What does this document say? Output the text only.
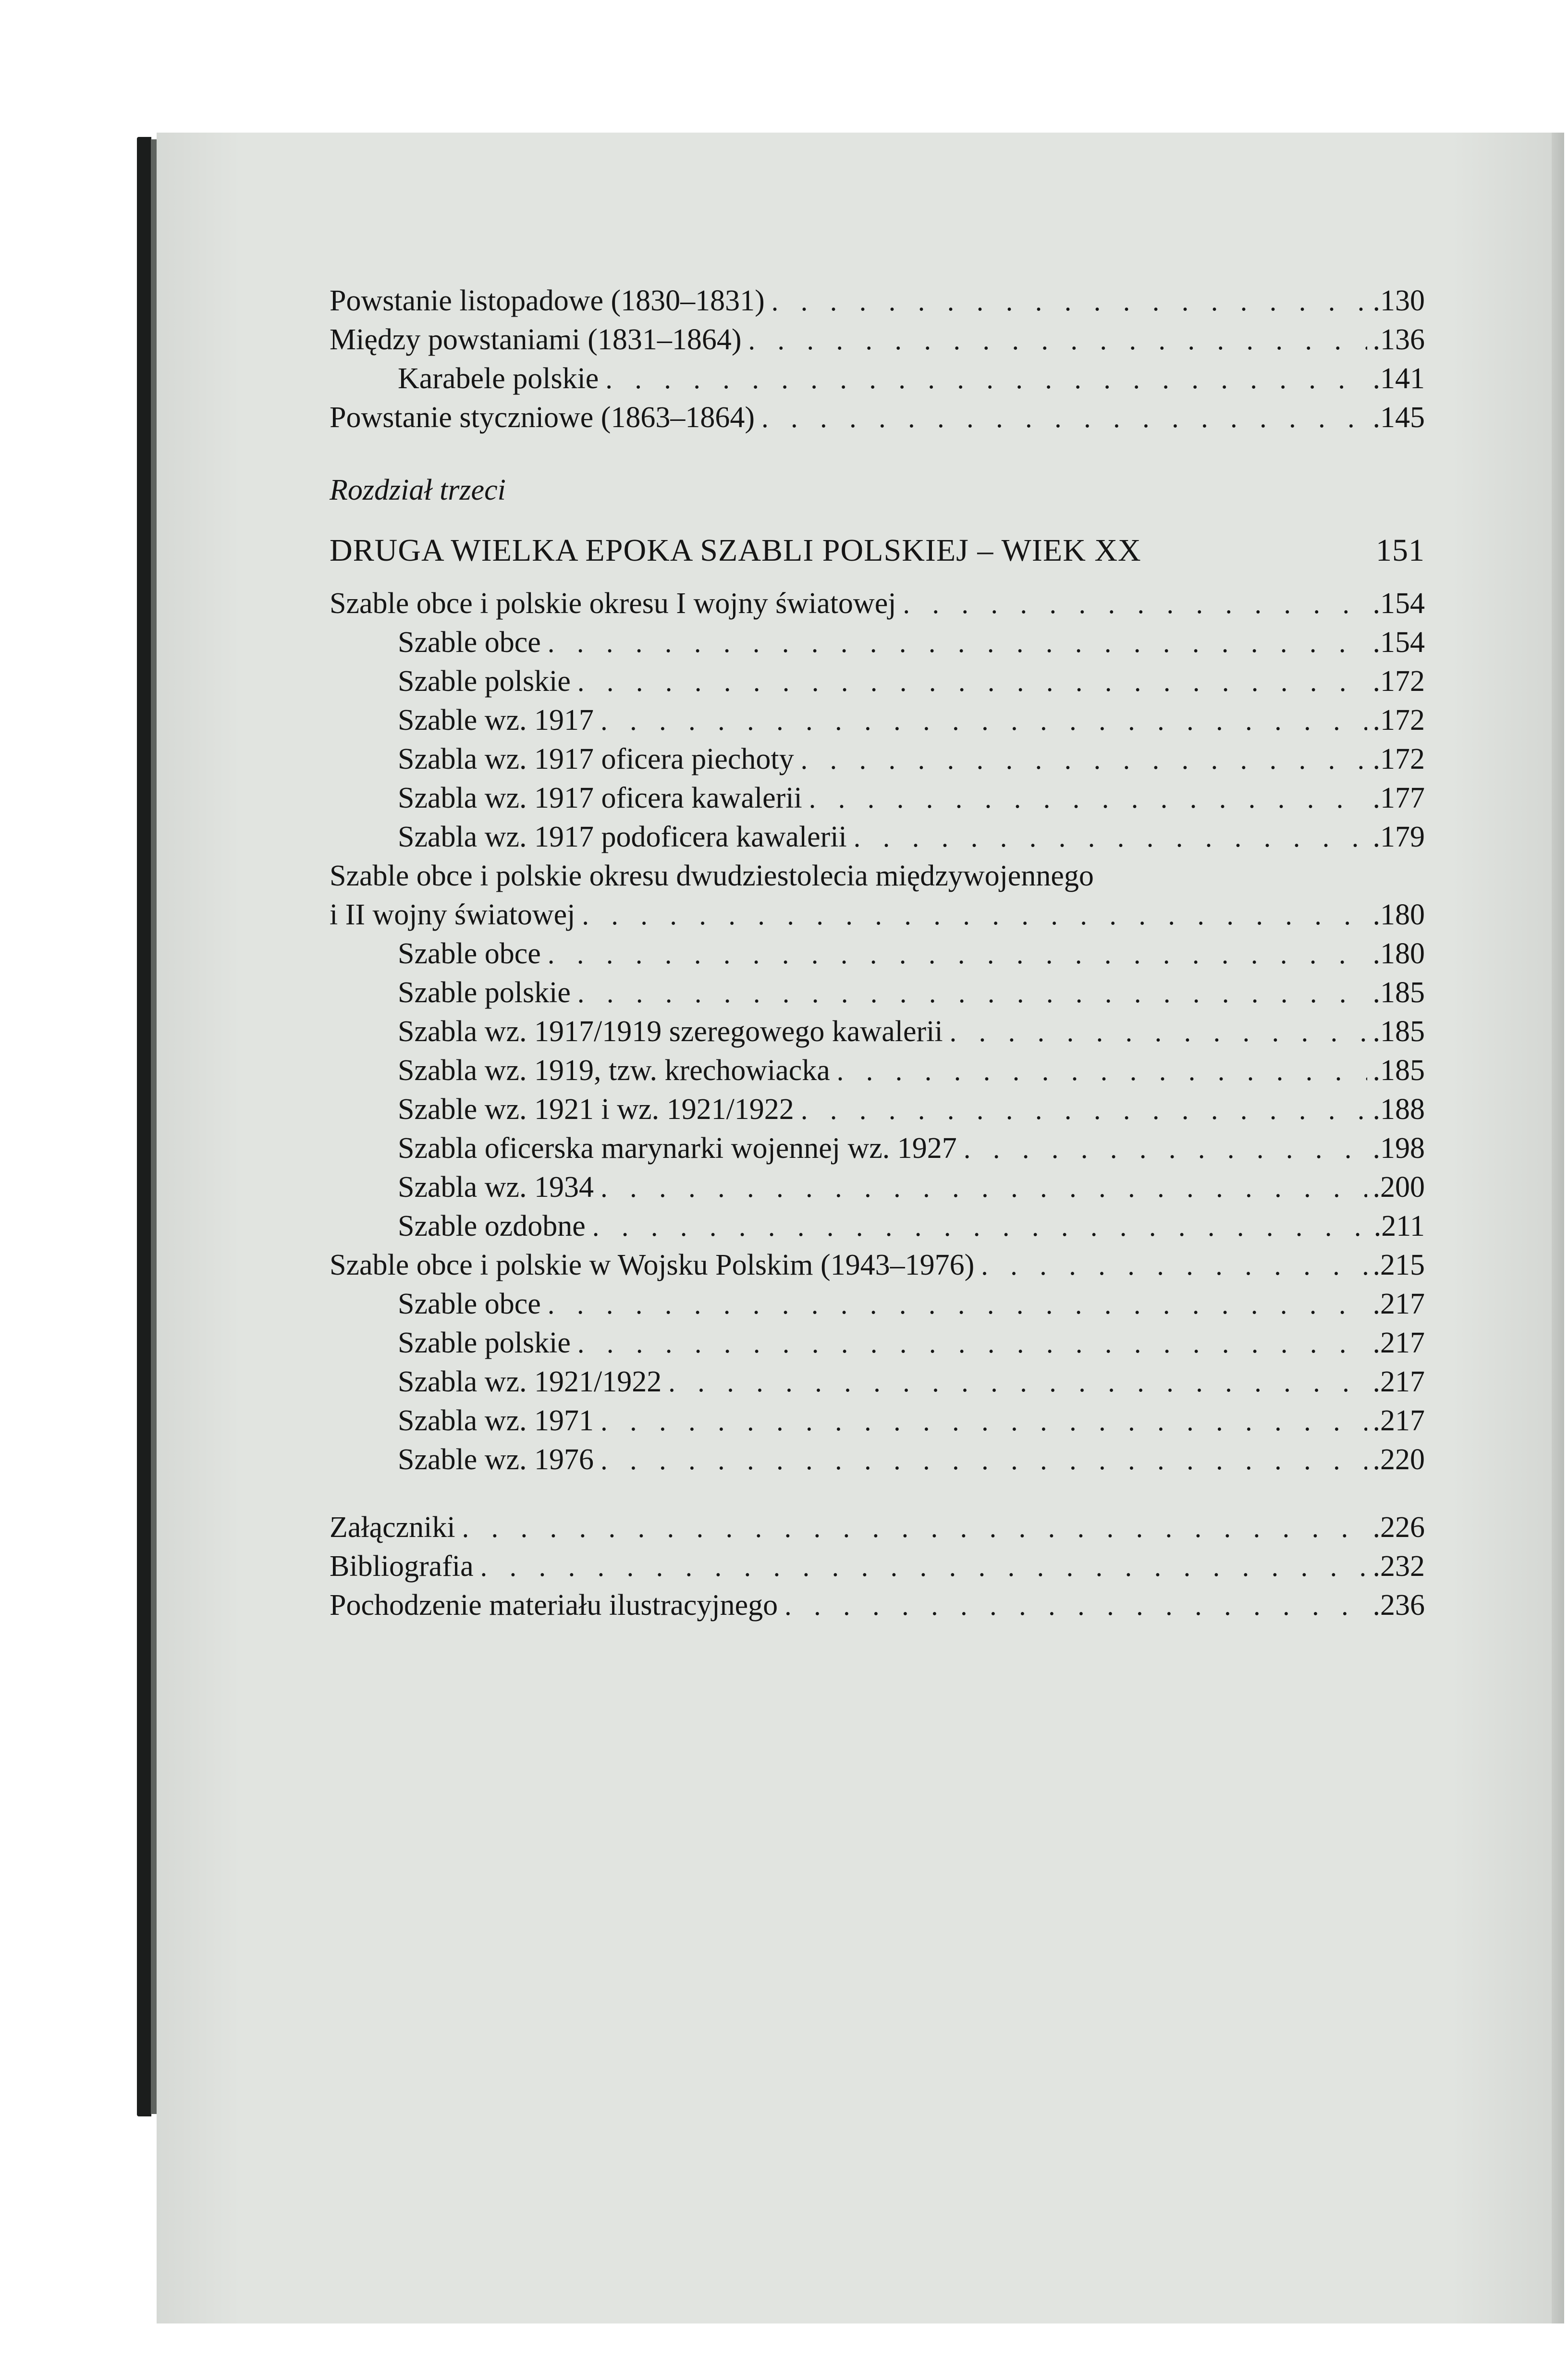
Powstanie listopadowe (1830–1831) . . .	.130
Między powstaniami (1831–1864) . . .	.136
Karabele polskie . . .	.141
Powstanie styczniowe (1863–1864) . . .	.145
Rozdział trzeci
DRUGA WIELKA EPOKA SZABLI POLSKIEJ – WIEK XX	151
Szable obce i polskie okresu I wojny światowej . . .	.154
Szable obce . . .	.154
Szable polskie . . .	.172
Szable wz. 1917 . . .	.172
Szabla wz. 1917 oficera piechoty . . .	.172
Szabla wz. 1917 oficera kawalerii . . .	.177
Szabla wz. 1917 podoficera kawalerii . . .	.179
Szable obce i polskie okresu dwudziestolecia międzywojennego
i II wojny światowej . . .	.180
Szable obce . . .	.180
Szable polskie . . .	.185
Szabla wz. 1917/1919 szeregowego kawalerii . . .	.185
Szabla wz. 1919, tzw. krechowiacka . . .	.185
Szable wz. 1921 i wz. 1921/1922 . . .	.188
Szabla oficerska marynarki wojennej wz. 1927 . . .	.198
Szabla wz. 1934 . . .	.200
Szable ozdobne . . .	.211
Szable obce i polskie w Wojsku Polskim (1943–1976) . . .	.215
Szable obce . . .	.217
Szable polskie . . .	.217
Szabla wz. 1921/1922 . . .	.217
Szabla wz. 1971 . . .	.217
Szable wz. 1976 . . .	.220
Załączniki . . .	.226
Bibliografia . . .	.232
Pochodzenie materiału ilustracyjnego . . .	.236
